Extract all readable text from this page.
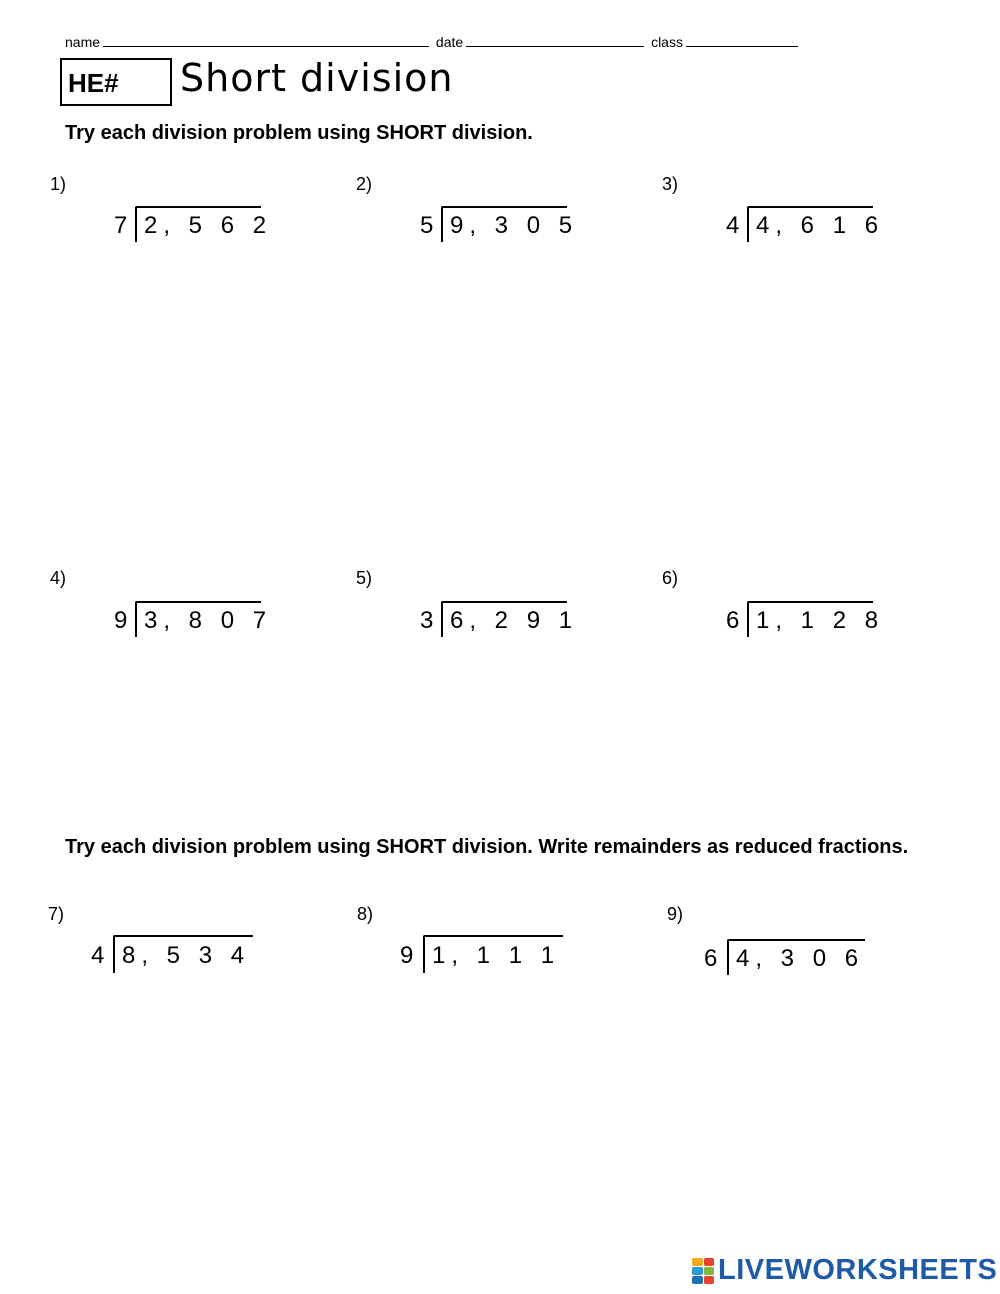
name	date	class
HE#	Short division
Try each division problem using SHORT division.
Try each division problem using SHORT division. Write remainders as reduced fractions.
1)
7 2, 5 6 2
2)
5 9, 3 0 5
3)
4 4, 6 1 6
4)
9 3, 8 0 7
5)
3 6, 2 9 1
6)
6 1, 1 2 8
7)
4 8, 5 3 4
8)
9 1, 1 1 1
9)
6 4, 3 0 6
LIVEWORKSHEETS
